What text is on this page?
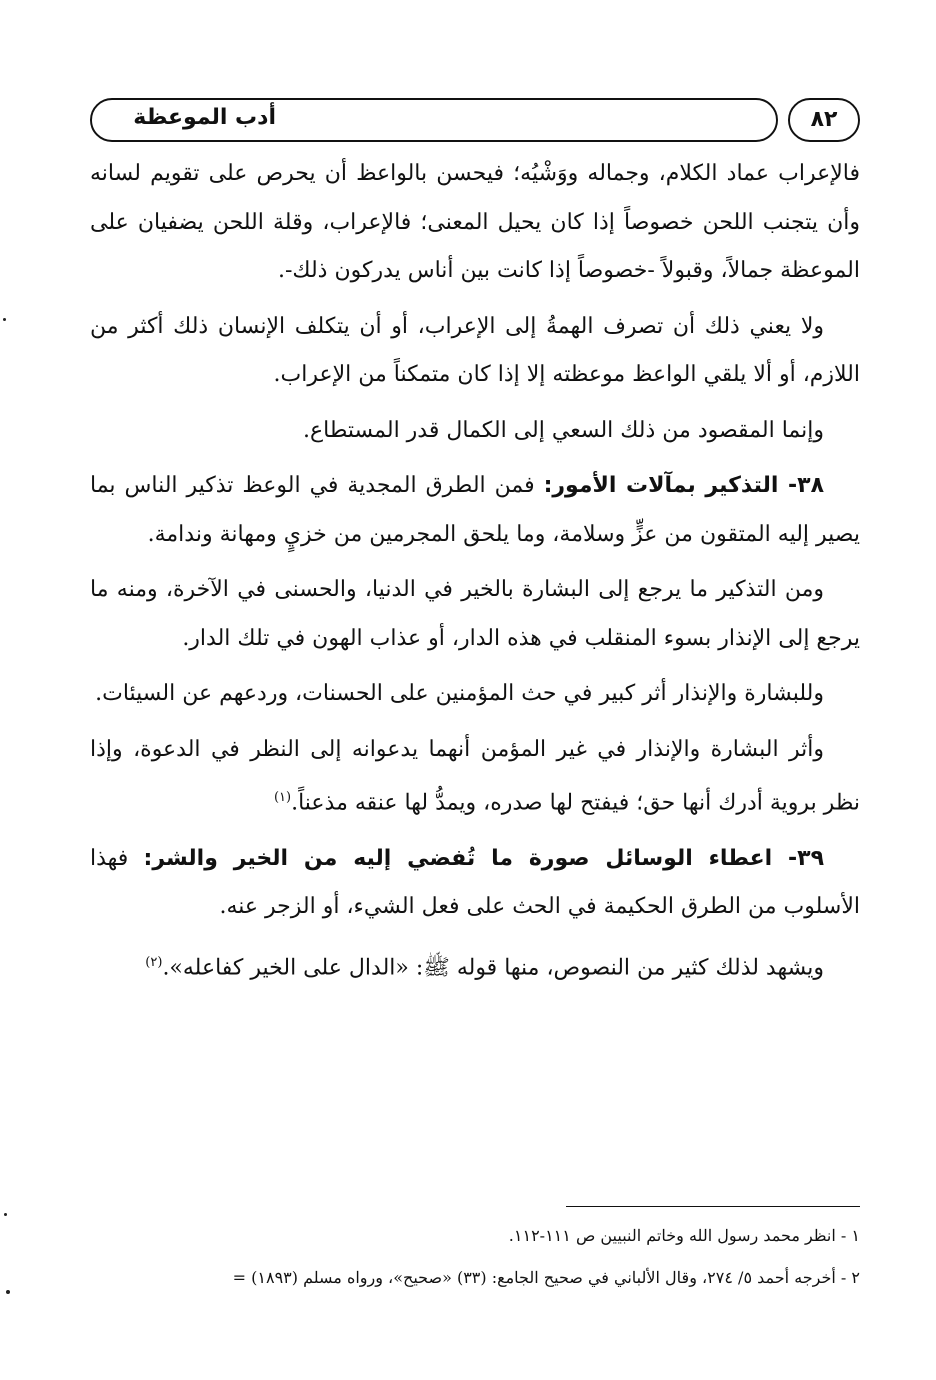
٨٢
أدب الموعظة

فالإعراب عماد الكلام، وجماله ووَشْيُه؛ فيحسن بالواعظ أن يحرص على تقويم لسانه وأن يتجنب اللحن خصوصاً إذا كان يحيل المعنى؛ فالإعراب، وقلة اللحن يضفيان على الموعظة جمالاً، وقبولاً -خصوصاً إذا كانت بين أناس يدركون ذلك-.

ولا يعني ذلك أن تصرف الهمةُ إلى الإعراب، أو أن يتكلف الإنسان ذلك أكثر من اللازم، أو ألا يلقي الواعظ موعظته إلا إذا كان متمكناً من الإعراب.

وإنما المقصود من ذلك السعي إلى الكمال قدر المستطاع.

٣٨- التذكير بمآلات الأمور: فمن الطرق المجدية في الوعظ تذكير الناس بما يصير إليه المتقون من عزٍّ وسلامة، وما يلحق المجرمين من خزيٍ ومهانة وندامة.

ومن التذكير ما يرجع إلى البشارة بالخير في الدنيا، والحسنى في الآخرة، ومنه ما يرجع إلى الإنذار بسوء المنقلب في هذه الدار، أو عذاب الهون في تلك الدار.

وللبشارة والإنذار أثر كبير في حث المؤمنين على الحسنات، وردعهم عن السيئات.

وأثر البشارة والإنذار في غير المؤمن أنهما يدعوانه إلى النظر في الدعوة، وإذا نظر بروية أدرك أنها حق؛ فيفتح لها صدره، ويمدُّ لها عنقه مذعناً.$^{(١)}$

٣٩- اعطاء الوسائل صورة ما تُفضي إليه من الخير والشر: فهذا الأسلوب من الطرق الحكيمة في الحث على فعل الشيء، أو الزجر عنه.

ويشهد لذلك كثير من النصوص، منها قوله ﷺ: «الدال على الخير كفاعله».$^{(٢)}$

١ - انظر محمد رسول الله وخاتم النبيين ص ١١١-١١٢.
٢ - أخرجه أحمد ٥/ ٢٧٤، وقال الألباني في صحيح الجامع: (٣٣) «صحيح»، ورواه مسلم (١٨٩٣) =
